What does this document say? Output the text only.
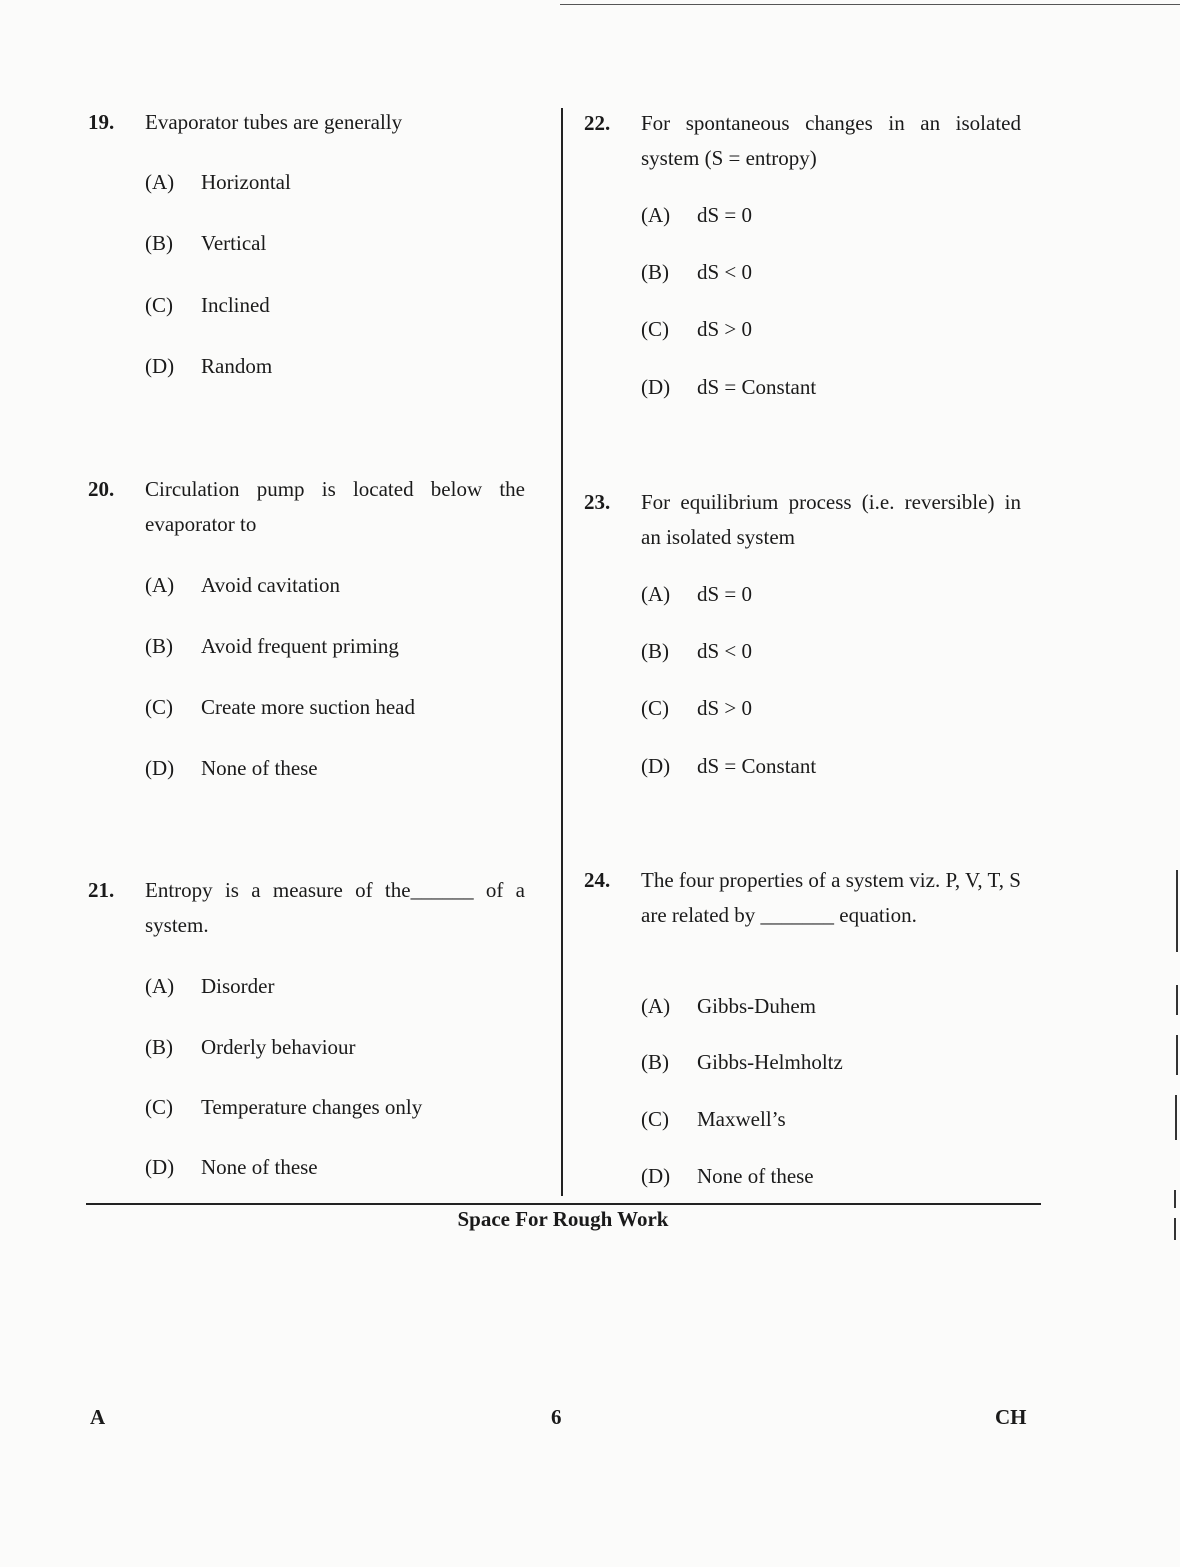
19. Evaporator tubes are generally
(A) Horizontal
(B) Vertical
(C) Inclined
(D) Random
20. Circulation pump is located below the evaporator to
(A) Avoid cavitation
(B) Avoid frequent priming
(C) Create more suction head
(D) None of these
21. Entropy is a measure of the______ of a system.
(A) Disorder
(B) Orderly behaviour
(C) Temperature changes only
(D) None of these
22. For spontaneous changes in an isolated system (S = entropy)
(A) dS = 0
(B) dS < 0
(C) dS > 0
(D) dS = Constant
23. For equilibrium process (i.e. reversible) in an isolated system
(A) dS = 0
(B) dS < 0
(C) dS > 0
(D) dS = Constant
24. The four properties of a system viz. P, V, T, S are related by _______ equation.
(A) Gibbs-Duhem
(B) Gibbs-Helmholtz
(C) Maxwell’s
(D) None of these
Space For Rough Work
A	6	CH
